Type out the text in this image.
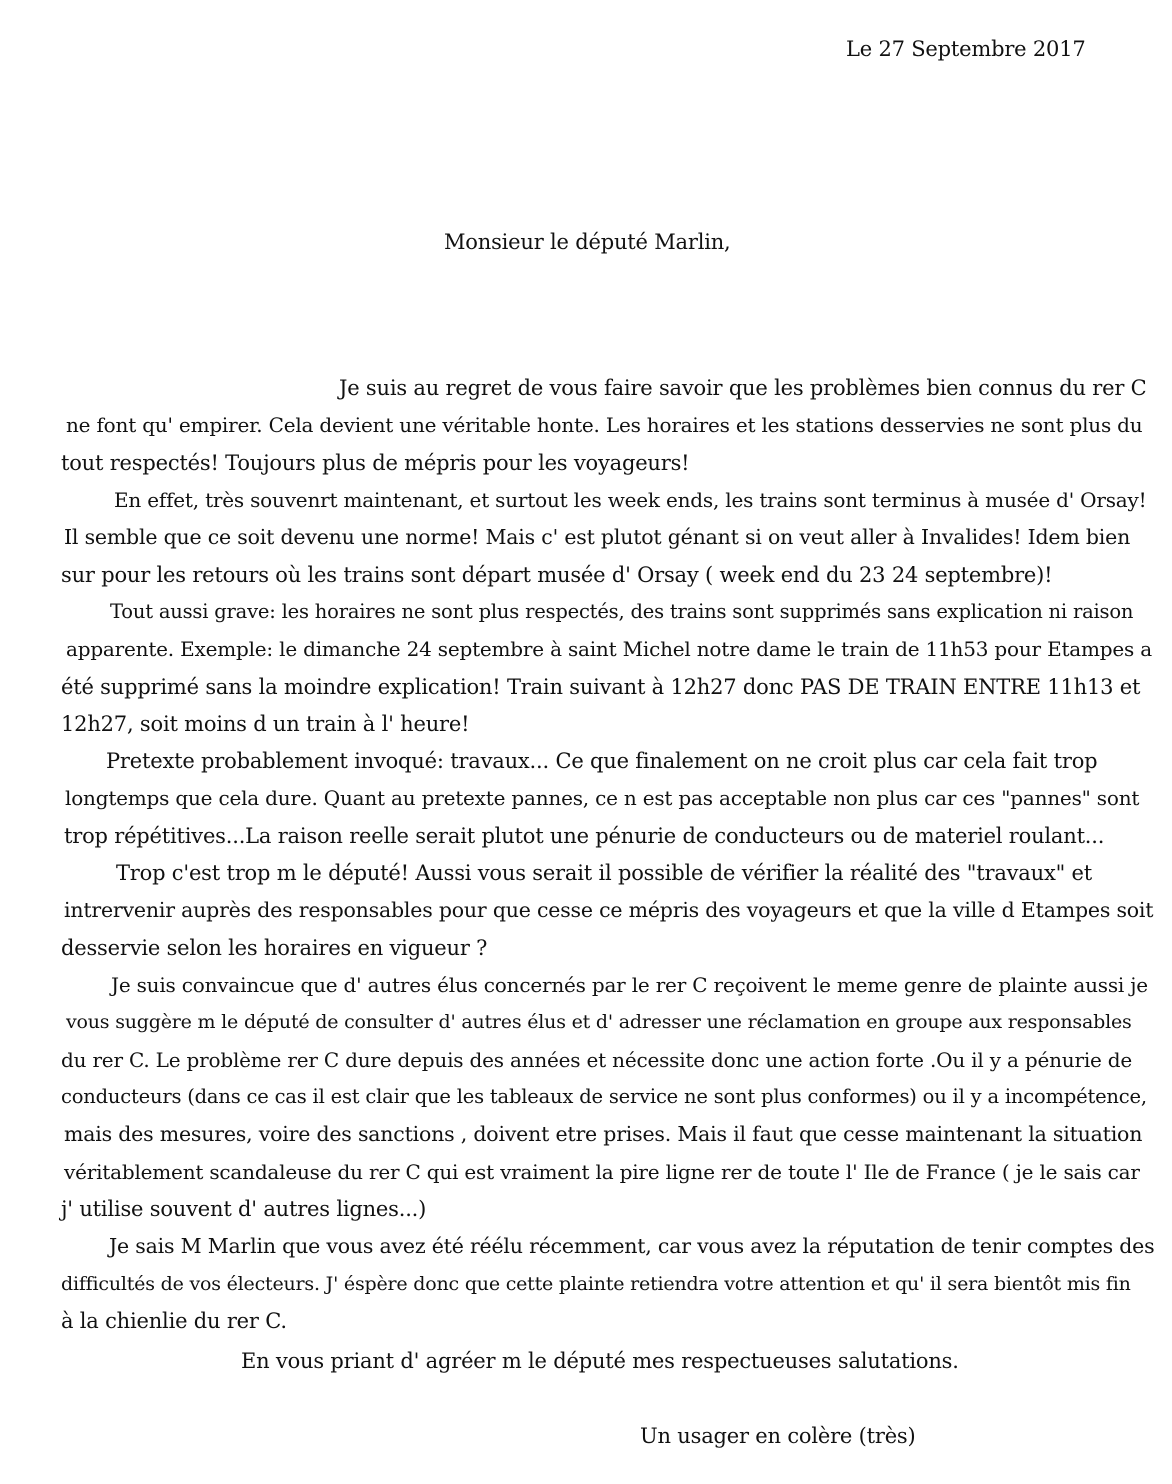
Le 27 Septembre 2017
Monsieur le député Marlin,
Je suis au regret de vous faire savoir que les problèmes bien connus du rer C
ne font qu' empirer. Cela devient une véritable honte. Les horaires et les stations desservies ne sont plus du
tout respectés! Toujours plus de mépris pour les voyageurs!
En effet, très souvenrt maintenant, et surtout les week ends, les trains sont terminus à musée d' Orsay!
Il semble que ce soit devenu une norme! Mais c' est plutot génant si on veut aller à Invalides! Idem bien
sur pour les retours où les trains sont départ musée d' Orsay ( week end du 23 24 septembre)!
Tout aussi grave: les horaires ne sont plus respectés, des trains sont supprimés sans explication ni raison
apparente. Exemple: le dimanche 24 septembre à saint Michel notre dame le train de 11h53 pour Etampes a
été supprimé sans la moindre explication! Train suivant à 12h27 donc PAS DE TRAIN ENTRE 11h13 et
12h27, soit moins d un train à l' heure!
Pretexte probablement invoqué: travaux... Ce que finalement on ne croit plus car cela fait trop
longtemps que cela dure. Quant au pretexte pannes, ce n est pas acceptable non plus car ces "pannes" sont
trop répétitives...La raison reelle serait plutot une pénurie de conducteurs ou de materiel roulant...
Trop c'est trop m le député! Aussi vous serait il possible de vérifier la réalité des "travaux" et
intrervenir auprès des responsables pour que cesse ce mépris des voyageurs et que la ville d Etampes soit
desservie selon les horaires en vigueur ?
Je suis convaincue que d' autres élus concernés par le rer C reçoivent le meme genre de plainte aussi je
vous suggère m le député de consulter d' autres élus et d' adresser une réclamation en groupe aux responsables
du rer C. Le problème rer C dure depuis des années et nécessite donc une action forte .Ou il y a pénurie de
conducteurs (dans ce cas il est clair que les tableaux de service ne sont plus conformes) ou il y a incompétence,
mais des mesures, voire des sanctions , doivent etre prises. Mais il faut que cesse maintenant la situation
véritablement scandaleuse du rer C qui est vraiment la pire ligne rer de toute l' Ile de France ( je le sais car
j' utilise souvent d' autres lignes...)
Je sais M Marlin que vous avez été réélu récemment, car vous avez la réputation de tenir comptes des
difficultés de vos électeurs. J' éspère donc que cette plainte retiendra votre attention et qu' il sera bientôt mis fin
à la chienlie du rer C.
En vous priant d' agréer m le député mes respectueuses salutations.
Un usager en colère (très)
